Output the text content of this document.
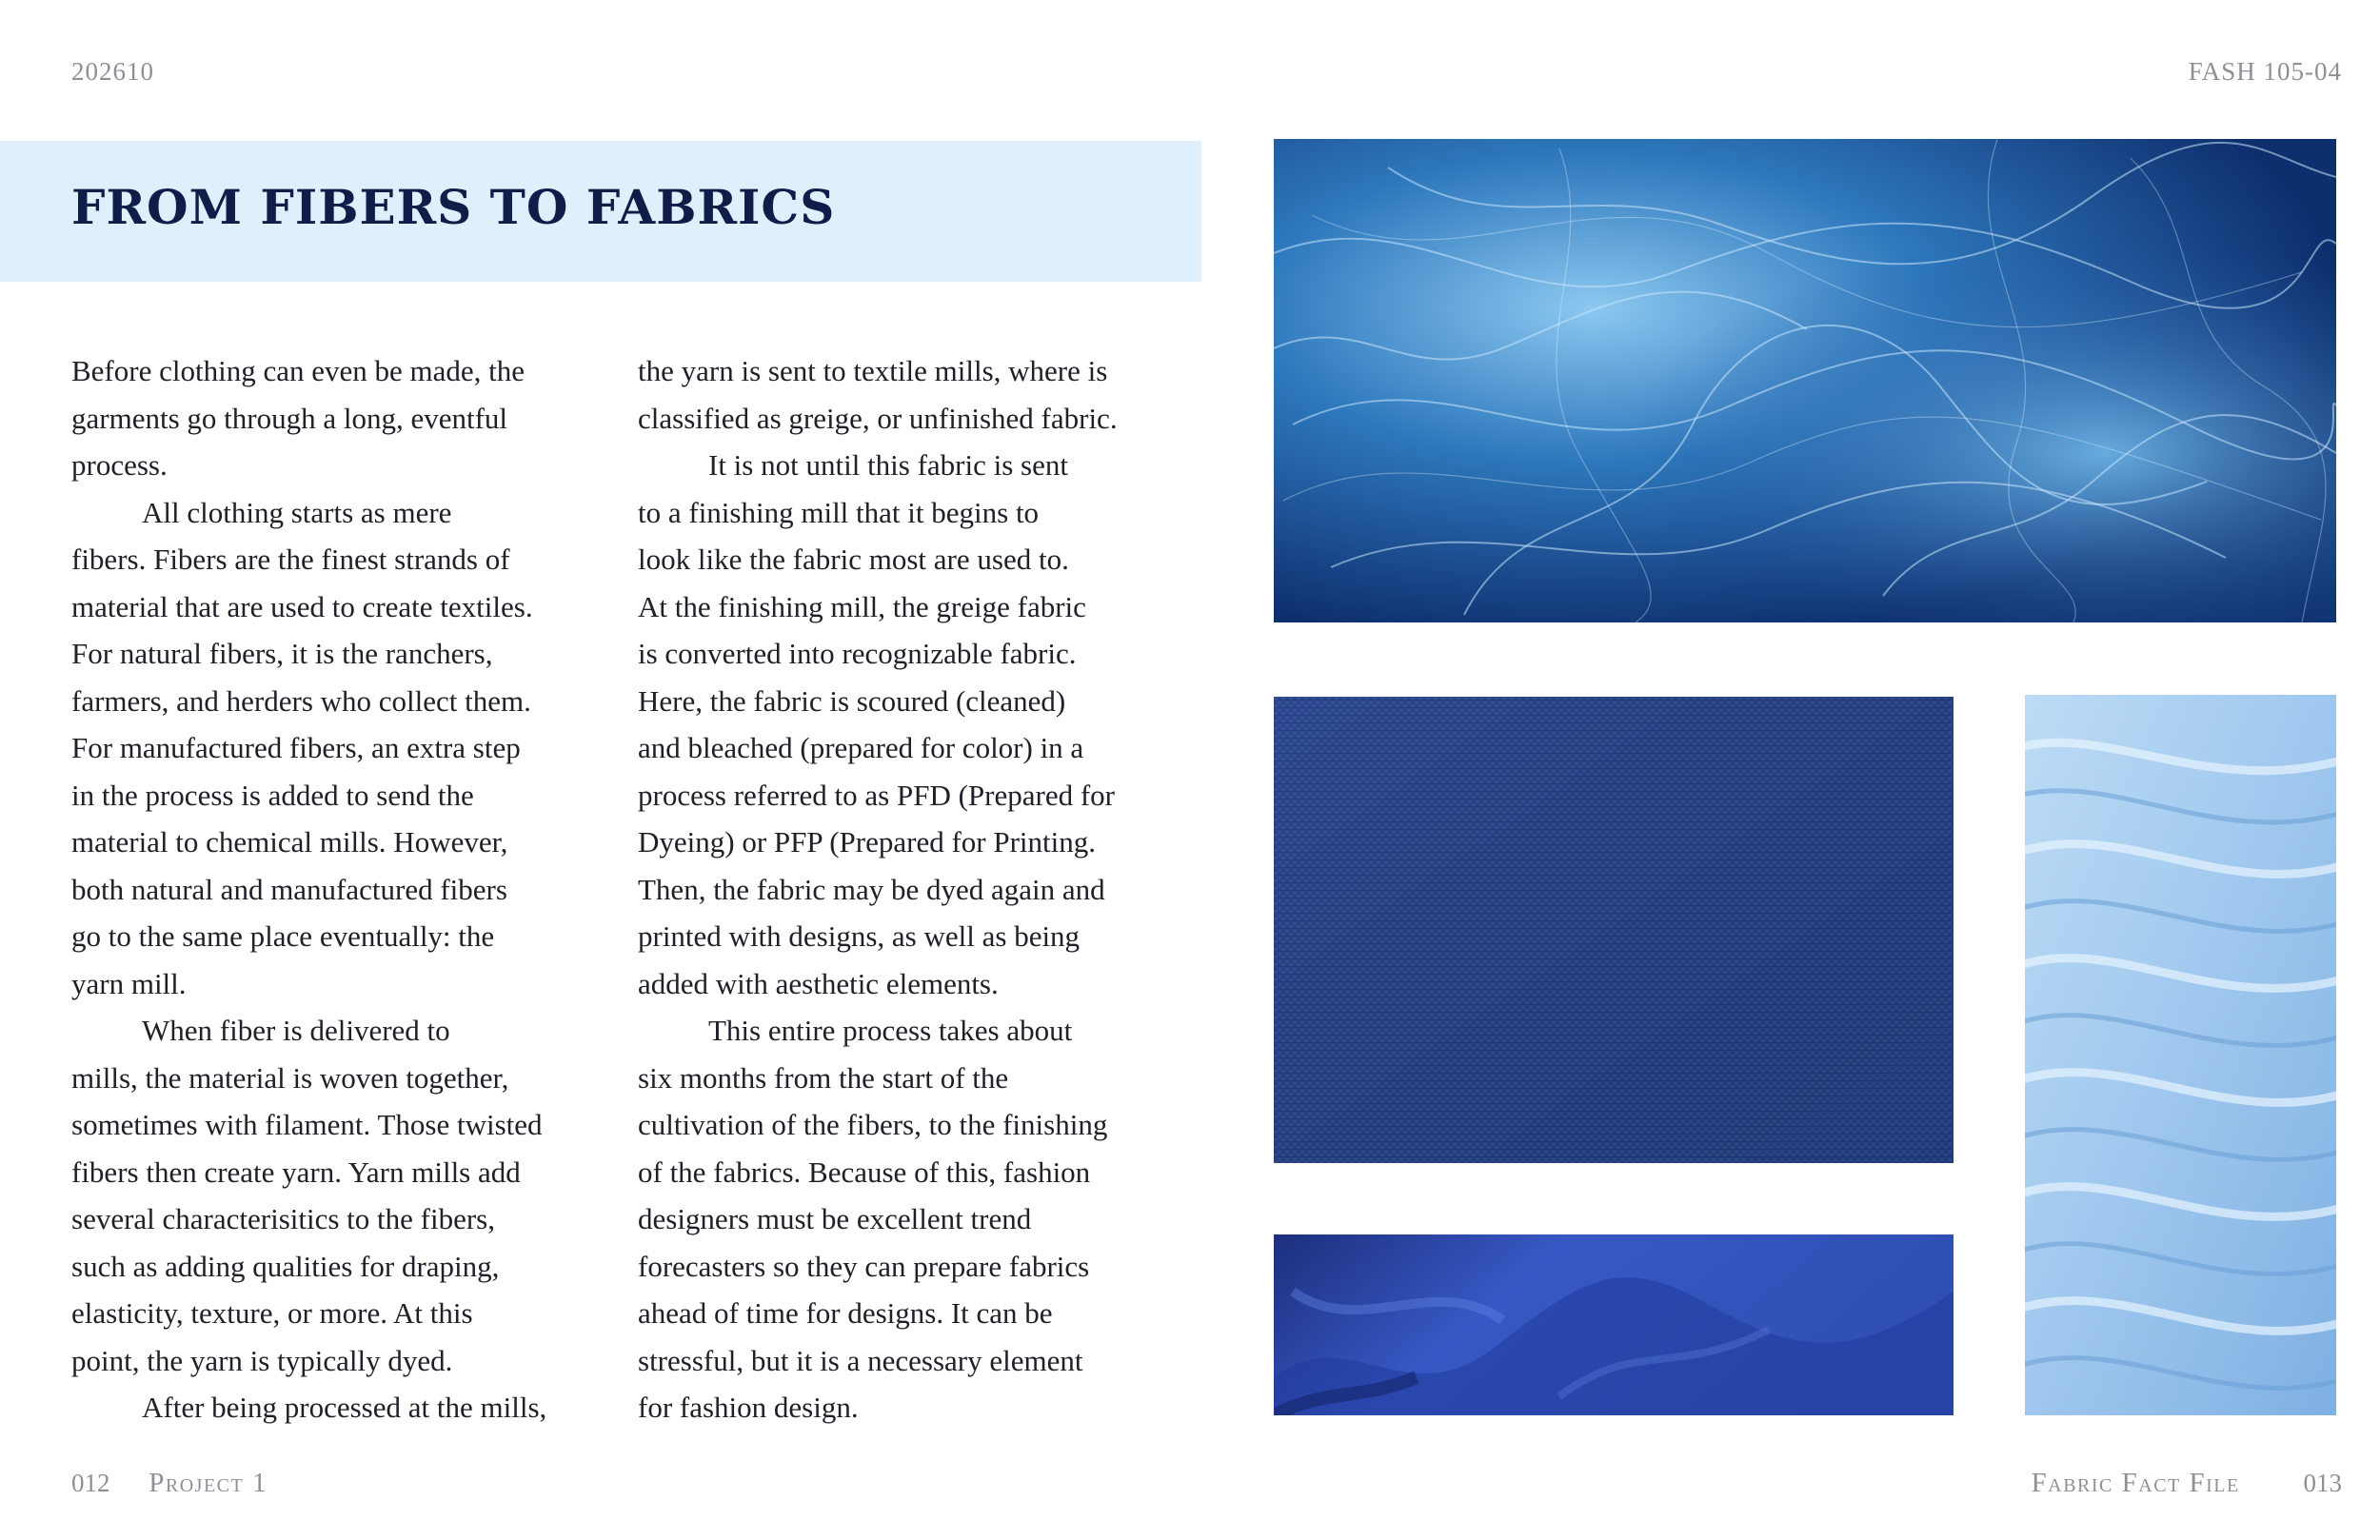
202610	FASH 105-04
FROM FIBERS TO FABRICS
Before clothing can even be made, the
garments go through a long, eventful
process.
All clothing starts as mere
fibers. Fibers are the finest strands of
material that are used to create textiles.
For natural fibers, it is the ranchers,
farmers, and herders who collect them.
For manufactured fibers, an extra step
in the process is added to send the
material to chemical mills. However,
both natural and manufactured fibers
go to the same place eventually: the
yarn mill.
When fiber is delivered to
mills, the material is woven together,
sometimes with filament. Those twisted
fibers then create yarn. Yarn mills add
several characterisitics to the fibers,
such as adding qualities for draping,
elasticity, texture, or more. At this
point, the yarn is typically dyed.
After being processed at the mills,
the yarn is sent to textile mills, where is
classified as greige, or unfinished fabric.
It is not until this fabric is sent
to a finishing mill that it begins to
look like the fabric most are used to.
At the finishing mill, the greige fabric
is converted into recognizable fabric.
Here, the fabric is scoured (cleaned)
and bleached (prepared for color) in a
process referred to as PFD (Prepared for
Dyeing) or PFP (Prepared for Printing.
Then, the fabric may be dyed again and
printed with designs, as well as being
added with aesthetic elements.
This entire process takes about
six months from the start of the
cultivation of the fibers, to the finishing
of the fabrics. Because of this, fashion
designers must be excellent trend
forecasters so they can prepare fabrics
ahead of time for designs. It can be
stressful, but it is a necessary element
for fashion design.
012 Project 1	Fabric Fact File 013
